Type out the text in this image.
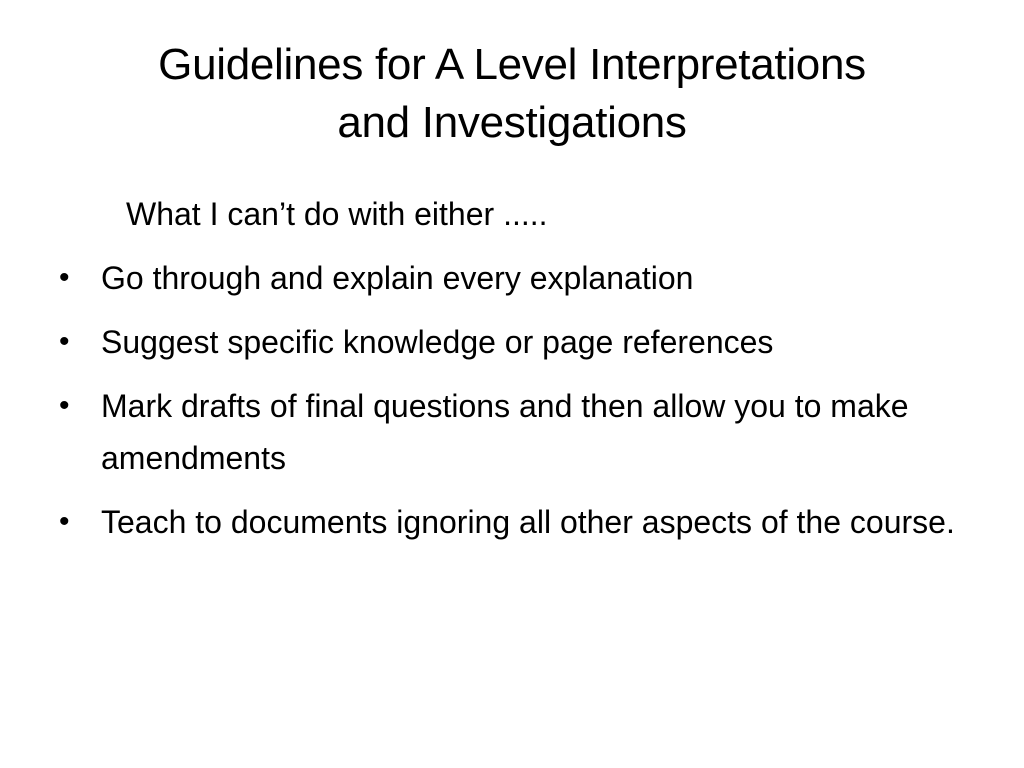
Guidelines for A Level Interpretations
and Investigations
What I can’t do with either .....
• Go through and explain every explanation
• Suggest specific knowledge or page references
• Mark drafts of final questions and then allow you to make amendments
• Teach to documents ignoring all other aspects of the course.
